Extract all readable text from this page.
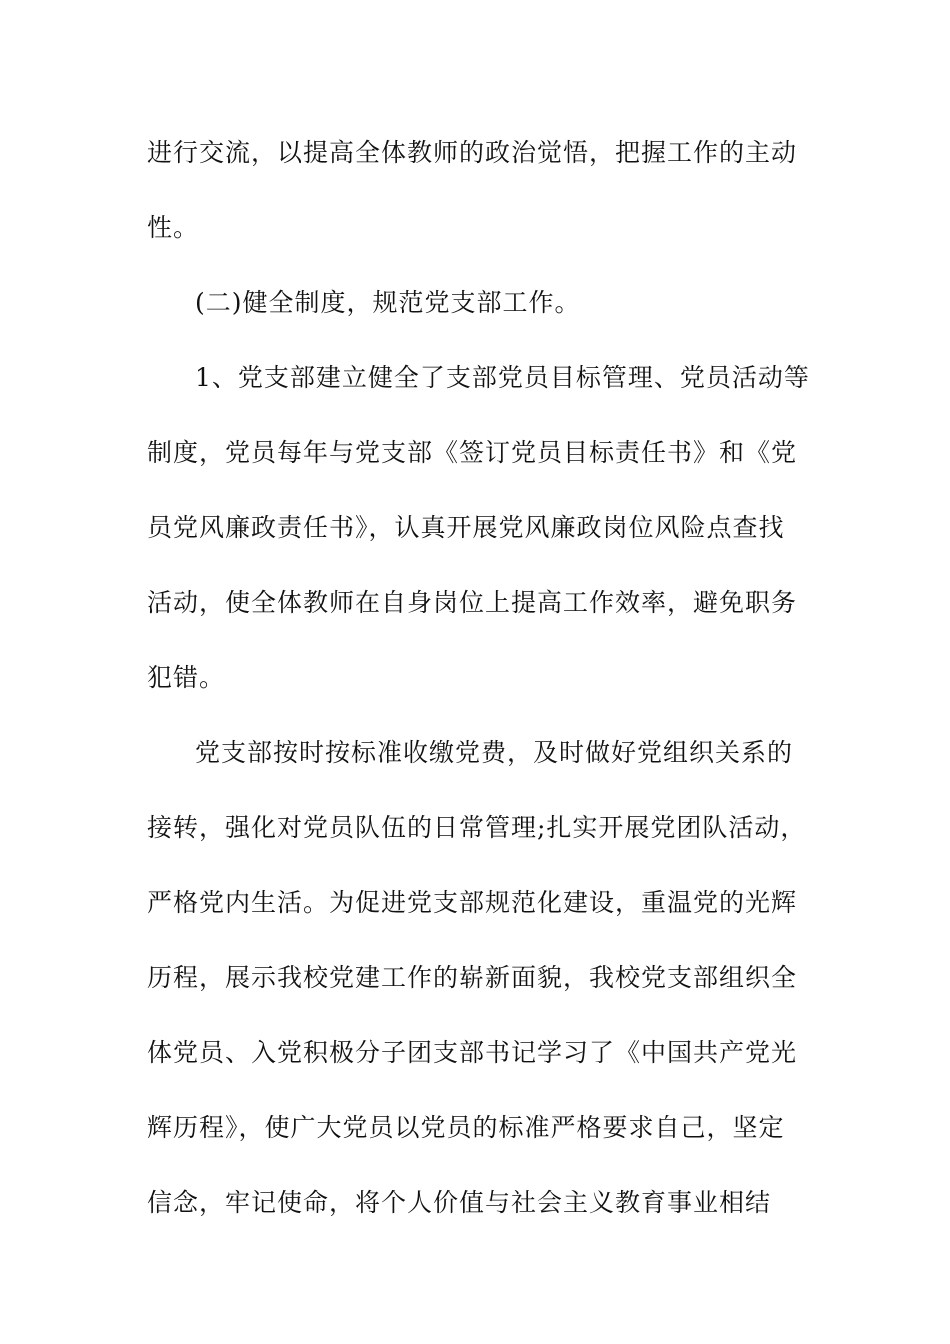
进行交流，以提高全体教师的政治觉悟，把握工作的主动
性。
(二)健全制度，规范党支部工作。
1、党支部建立健全了支部党员目标管理、党员活动等
制度，党员每年与党支部《签订党员目标责任书》和《党
员党风廉政责任书》，认真开展党风廉政岗位风险点查找
活动，使全体教师在自身岗位上提高工作效率，避免职务
犯错。
党支部按时按标准收缴党费，及时做好党组织关系的
接转，强化对党员队伍的日常管理;扎实开展党团队活动，
严格党内生活。为促进党支部规范化建设，重温党的光辉
历程，展示我校党建工作的崭新面貌，我校党支部组织全
体党员、入党积极分子团支部书记学习了《中国共产党光
辉历程》，使广大党员以党员的标准严格要求自己，坚定
信念，牢记使命，将个人价值与社会主义教育事业相结
